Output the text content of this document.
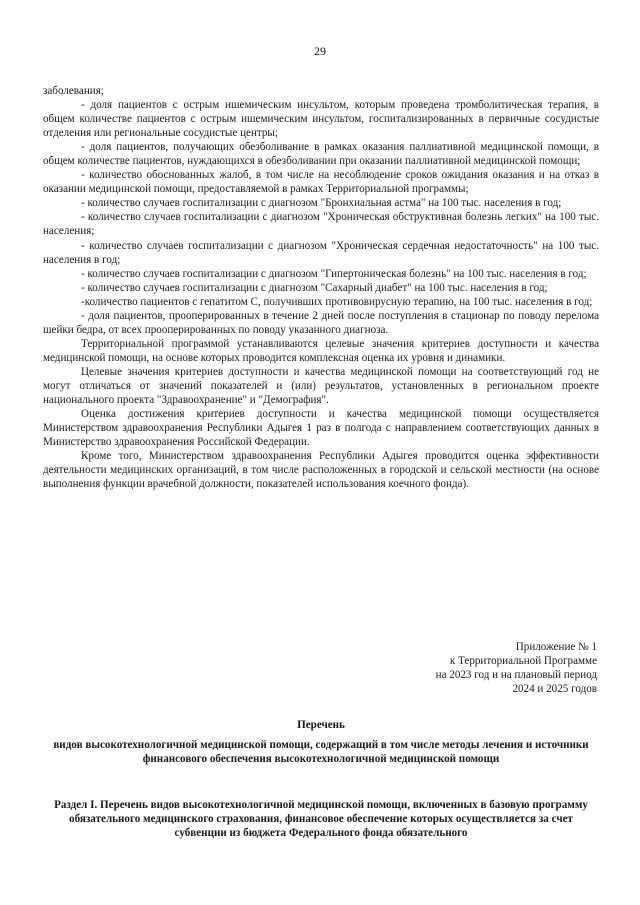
29

заболевания;

- доля пациентов с острым ишемическим инсультом, которым проведена тромболитическая терапия, в общем количестве пациентов с острым ишемическим инсультом, госпитализированных в первичные сосудистые отделения или региональные сосудистые центры;

- доля пациентов, получающих обезболивание в рамках оказания паллиативной медицинской помощи, в общем количестве пациентов, нуждающихся в обезболивании при оказании паллиативной медицинской помощи;

- количество обоснованных жалоб, в том числе на несоблюдение сроков ожидания оказания и на отказ в оказании медицинской помощи, предоставляемой в рамках Территориальной программы;

- количество случаев госпитализации с диагнозом "Бронхиальная астма" на 100 тыс. населения в год;

- количество случаев госпитализации с диагнозом "Хроническая обструктивная болезнь легких" на 100 тыс. населения;

- количество случаев госпитализации с диагнозом "Хроническая сердечная недостаточность" на 100 тыс. населения в год;

- количество случаев госпитализации с диагнозом "Гипертоническая болезнь" на 100 тыс. населения в год;

- количество случаев госпитализации с диагнозом "Сахарный диабет" на 100 тыс. населения в год;

-количество пациентов с гепатитом С, получивших противовирусную терапию, на 100 тыс. населения в год;

- доля пациентов, прооперированных в течение 2 дней после поступления в стационар по поводу перелома шейки бедра, от всех прооперированных по поводу указанного диагноза.

Территориальной программой устанавливаются целевые значения критериев доступности и качества медицинской помощи, на основе которых проводится комплексная оценка их уровня и динамики.

Целевые значения критериев доступности и качества медицинской помощи на соответствующий год не могут отличаться от значений показателей и (или) результатов, установленных в региональном проекте национального проекта "Здравоохранение" и "Демография".

Оценка достижения критериев доступности и качества медицинской помощи осуществляется Министерством здравоохранения Республики Адыгея 1 раз в полгода с направлением соответствующих данных в Министерство здравоохранения Российской Федерации.

Кроме того, Министерством здравоохранения Республики Адыгея проводится оценка эффективности деятельности медицинских организаций, в том числе расположенных в городской и сельской местности (на основе выполнения функции врачебной должности, показателей использования коечного фонда).

Приложение № 1
к Территориальной Программе
на 2023 год и на плановый период
2024 и 2025 годов
Перечень
видов высокотехнологичной медицинской помощи, содержащий в том числе методы лечения и источники финансового обеспечения высокотехнологичной медицинской помощи
Раздел I. Перечень видов высокотехнологичной медицинской помощи, включенных в базовую программу обязательного медицинского страхования, финансовое обеспечение которых осуществляется за счет субвенции из бюджета Федерального фонда обязательного
